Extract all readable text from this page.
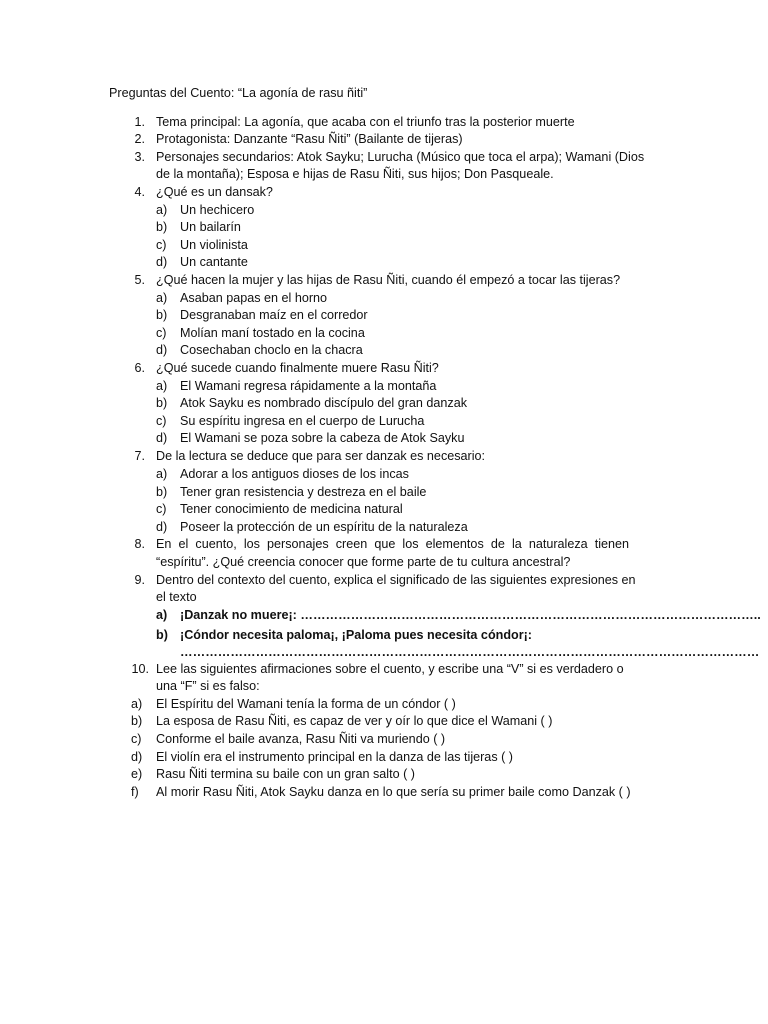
Preguntas del Cuento: “La agonía de rasu ñiti”
1. Tema principal: La agonía, que acaba con el triunfo tras la posterior muerte
2. Protagonista: Danzante “Rasu Ñiti” (Bailante de tijeras)
3. Personajes secundarios: Atok Sayku; Lurucha (Músico que toca el arpa); Wamani (Dios
de la montaña); Esposa e hijas de Rasu Ñiti, sus hijos; Don Pasqueale.
4. ¿Qué es un dansak?
a) Un hechicero
b) Un bailarín
c) Un violinista
d) Un cantante
5. ¿Qué hacen la mujer y las hijas de Rasu Ñiti, cuando él empezó a tocar las tijeras?
a) Asaban papas en el horno
b) Desgranaban maíz en el corredor
c) Molían maní tostado en la cocina
d) Cosechaban choclo en la chacra
6. ¿Qué sucede cuando finalmente muere Rasu Ñiti?
a) El Wamani regresa rápidamente a la montaña
b) Atok Sayku es nombrado discípulo del gran danzak
c) Su espíritu ingresa en el cuerpo de Lurucha
d) El Wamani se poza sobre la cabeza de Atok Sayku
7. De la lectura se deduce que para ser danzak es necesario:
a) Adorar a los antiguos dioses de los incas
b) Tener gran resistencia y destreza en el baile
c) Tener conocimiento de medicina natural
d) Poseer la protección de un espíritu de la naturaleza
8. En el cuento, los personajes creen que los elementos de la naturaleza tienen
“espíritu”. ¿Qué creencia conocer que forme parte de tu cultura ancestral?
9. Dentro del contexto del cuento, explica el significado de las siguientes expresiones en
el texto
a) ¡Danzak no muere¡: ………………………………………………………………………………………………..
b) ¡Cóndor necesita paloma¡, ¡Paloma pues necesita cóndor¡:
…………………………………………………………………………………………………………………………
10. Lee las siguientes afirmaciones sobre el cuento, y escribe una “V” si es verdadero o
una “F” si es falso:
a) El Espíritu del Wamani tenía la forma de un cóndor ( )
b) La esposa de Rasu Ñiti, es capaz de ver y oír lo que dice el Wamani ( )
c) Conforme el baile avanza, Rasu Ñiti va muriendo ( )
d) El violín era el instrumento principal en la danza de las tijeras ( )
e) Rasu Ñiti termina su baile con un gran salto ( )
f) Al morir Rasu Ñiti, Atok Sayku danza en lo que sería su primer baile como Danzak ( )
